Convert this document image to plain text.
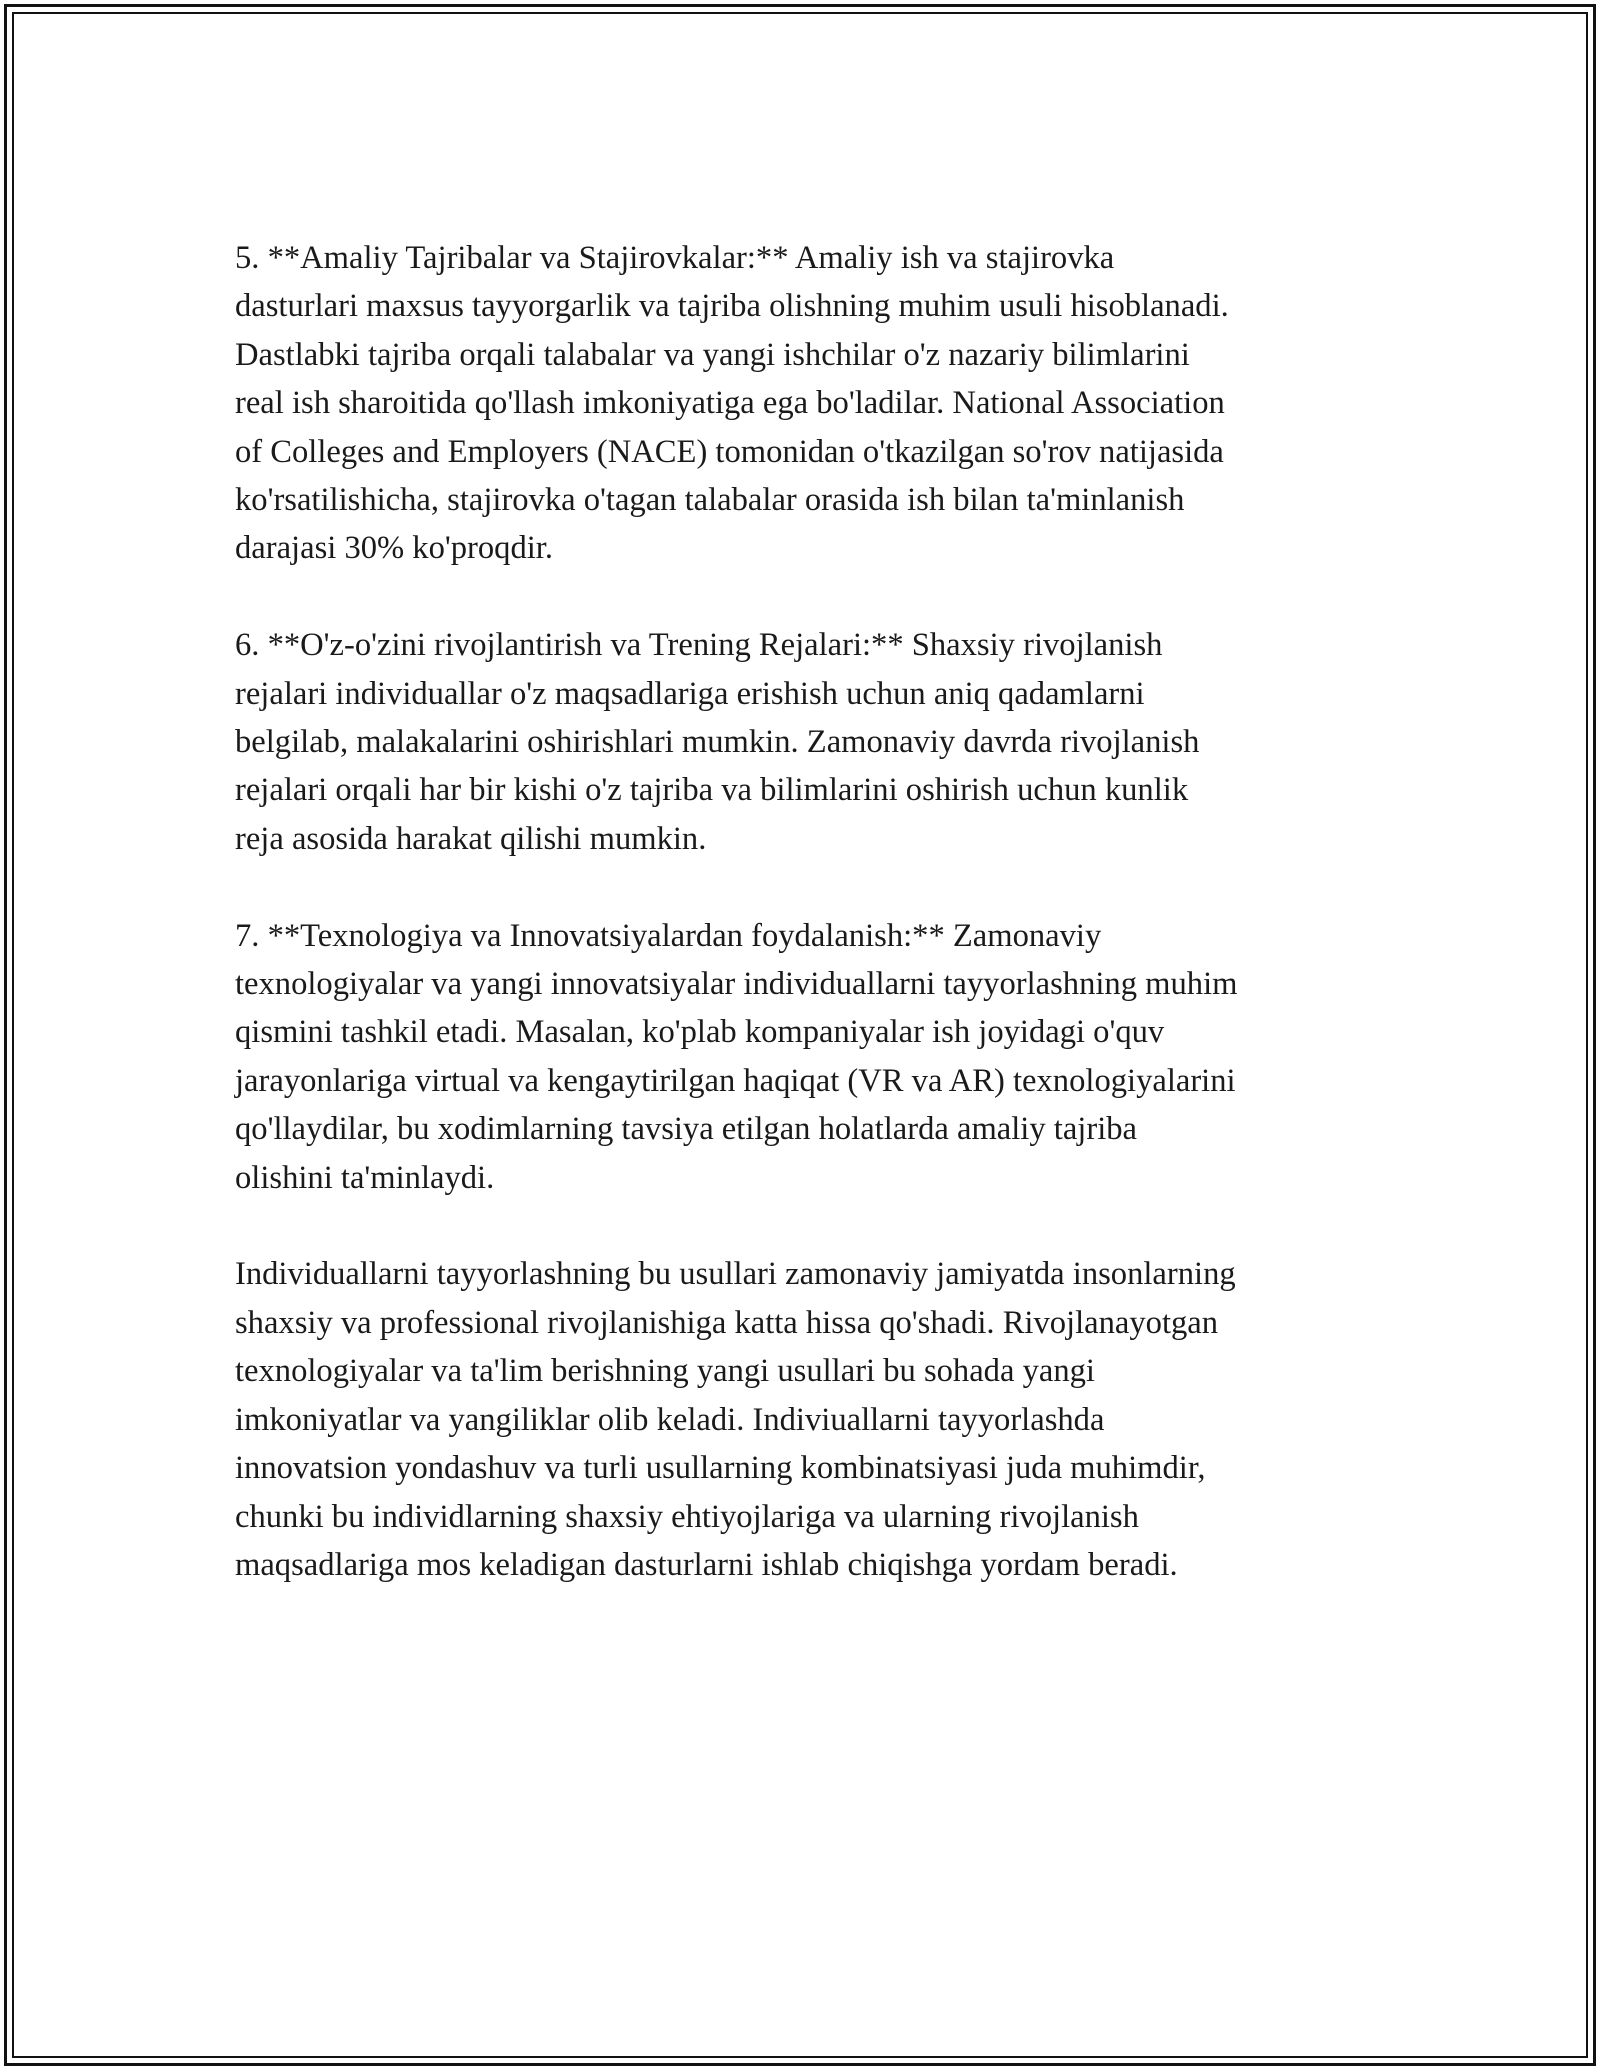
5. **Amaliy Tajribalar va Stajirovkalar:** Amaliy ish va stajirovka
dasturlari maxsus tayyorgarlik va tajriba olishning muhim usuli hisoblanadi.
Dastlabki tajriba orqali talabalar va yangi ishchilar o'z nazariy bilimlarini
real ish sharoitida qo'llash imkoniyatiga ega bo'ladilar. National Association
of Colleges and Employers (NACE) tomonidan o'tkazilgan so'rov natijasida
ko'rsatilishicha, stajirovka o'tagan talabalar orasida ish bilan ta'minlanish
darajasi 30% ko'proqdir.

6. **O'z-o'zini rivojlantirish va Trening Rejalari:** Shaxsiy rivojlanish
rejalari individuallar o'z maqsadlariga erishish uchun aniq qadamlarni
belgilab, malakalarini oshirishlari mumkin. Zamonaviy davrda rivojlanish
rejalari orqali har bir kishi o'z tajriba va bilimlarini oshirish uchun kunlik
reja asosida harakat qilishi mumkin.

7. **Texnologiya va Innovatsiyalardan foydalanish:** Zamonaviy
texnologiyalar va yangi innovatsiyalar individuallarni tayyorlashning muhim
qismini tashkil etadi. Masalan, ko'plab kompaniyalar ish joyidagi o'quv
jarayonlariga virtual va kengaytirilgan haqiqat (VR va AR) texnologiyalarini
qo'llaydilar, bu xodimlarning tavsiya etilgan holatlarda amaliy tajriba
olishini ta'minlaydi.

Individuallarni tayyorlashning bu usullari zamonaviy jamiyatda insonlarning
shaxsiy va professional rivojlanishiga katta hissa qo'shadi. Rivojlanayotgan
texnologiyalar va ta'lim berishning yangi usullari bu sohada yangi
imkoniyatlar va yangiliklar olib keladi. Indiviuallarni tayyorlashda
innovatsion yondashuv va turli usullarning kombinatsiyasi juda muhimdir,
chunki bu individlarning shaxsiy ehtiyojlariga va ularning rivojlanish
maqsadlariga mos keladigan dasturlarni ishlab chiqishga yordam beradi.
